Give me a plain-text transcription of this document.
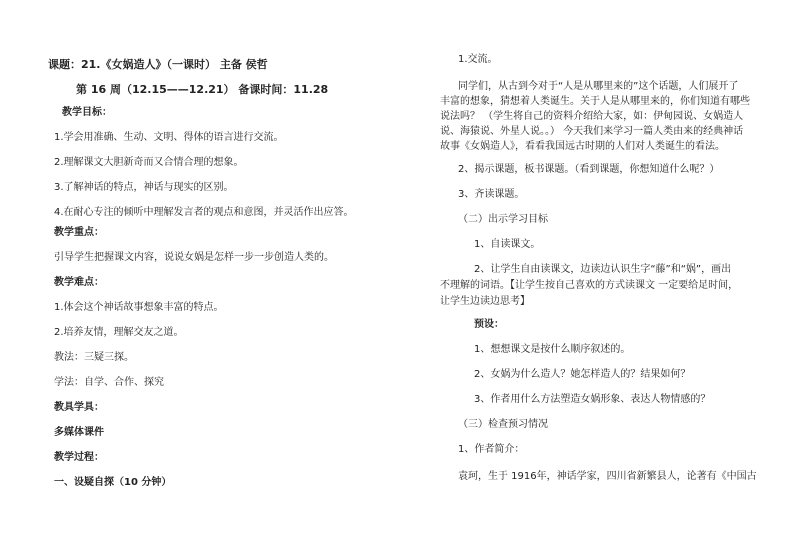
课题：21.《女娲造人》（一课时） 主备 侯哲
第 16 周（12.15——12.21） 备课时间：11.28
教学目标：
1.学会用准确、生动、文明、得体的语言进行交流。
2.理解课文大胆新奇而又合情合理的想象。
3.了解神话的特点，神话与现实的区别。
4.在耐心专注的倾听中理解发言者的观点和意图，并灵活作出应答。
教学重点：
引导学生把握课文内容，说说女娲是怎样一步一步创造人类的。
教学难点：
1.体会这个神话故事想象丰富的特点。
2.培养友情，理解交友之道。
教法：三疑三探。
学法：自学、合作、探究
教具学具：
多媒体课件
教学过程：
一、设疑自探（10 分钟）
1.交流。
同学们，从古到今对于“人是从哪里来的”这个话题，人们展开了
丰富的想象，猜想着人类诞生。关于人是从哪里来的，你们知道有哪些
说法吗？ （学生将自己的资料介绍给大家，如：伊甸园说、女娲造人
说、海猿说、外星人说。。） 今天我们来学习一篇人类由来的经典神话
故事《女娲造人》，看看我国远古时期的人们对人类诞生的看法。
2、揭示课题，板书课题。（看到课题，你想知道什么呢？）
3、齐读课题。
（二）出示学习目标
1、自读课文。
2、让学生自由读课文，边读边认识生字“藤”和“娲”，画出
不理解的词语。【让学生按自己喜欢的方式读课文 一定要给足时间，
让学生边读边思考】
预设：
1、想想课文是按什么顺序叙述的。
2、女娲为什么造人？她怎样造人的？结果如何？
3、作者用什么方法塑造女娲形象、表达人物情感的？
（三）检查预习情况
1、作者简介：
袁珂，生于 1916年，神话学家，四川省新繁县人，论著有《中国古
